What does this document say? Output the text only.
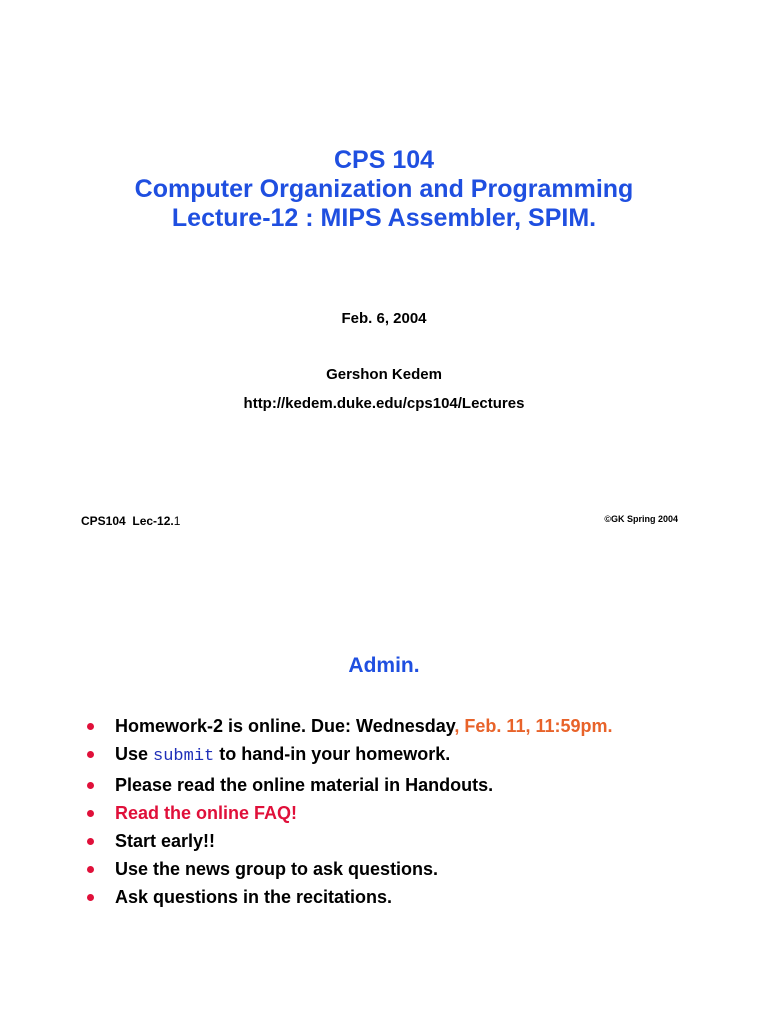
CPS 104
Computer Organization and Programming
Lecture-12 : MIPS Assembler, SPIM.
Feb. 6, 2004
Gershon Kedem
http://kedem.duke.edu/cps104/Lectures
CPS104  Lec-12.1	©GK Spring 2004
Admin.
Homework-2 is online. Due: Wednesday, Feb. 11, 11:59pm.
Use submit to hand-in your homework.
Please read the online material in Handouts.
Read the online FAQ!
Start early!!
Use the news group to ask questions.
Ask questions in the recitations.
